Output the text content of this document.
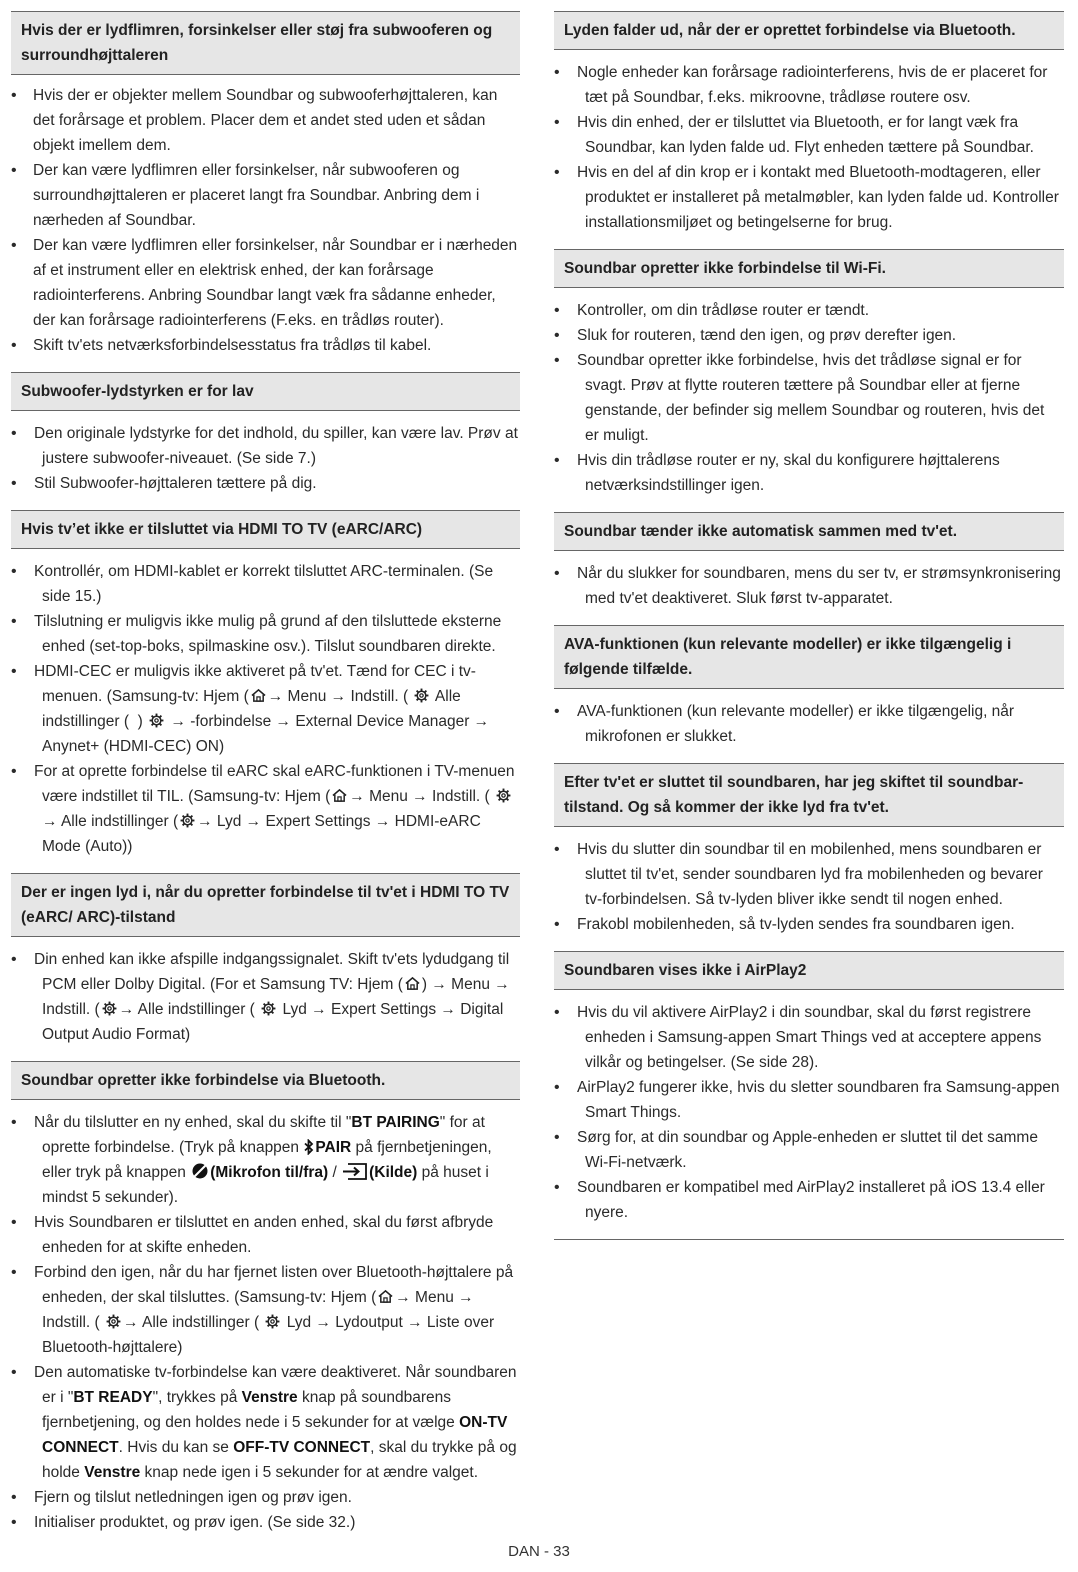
Hvis der er lydflimren, forsinkelser eller støj fra subwooferen og surroundhøjttaleren
• Hvis der er objekter mellem Soundbar og subwooferhøjttaleren, kan det forårsage et problem. Placer dem et andet sted uden et sådan objekt imellem dem.
• Der kan være lydflimren eller forsinkelser, når subwooferen og surroundhøjttaleren er placeret langt fra Soundbar. Anbring dem i nærheden af Soundbar.
• Der kan være lydflimren eller forsinkelser, når Soundbar er i nærheden af et instrument eller en elektrisk enhed, der kan forårsage radiointerferens. Anbring Soundbar langt væk fra sådanne enheder, der kan forårsage radiointerferens (F.eks. en trådløs router).
• Skift tv'ets netværksforbindelsesstatus fra trådløs til kabel.
Subwoofer-lydstyrken er for lav
• Den originale lydstyrke for det indhold, du spiller, kan være lav. Prøv at justere subwoofer-niveauet. (Se side 7.)
• Stil Subwoofer-højttaleren tættere på dig.
Hvis tv’et ikke er tilsluttet via HDMI TO TV (eARC/ARC)
• Kontrollér, om HDMI-kablet er korrekt tilsluttet ARC-terminalen. (Se side 15.)
• Tilslutning er muligvis ikke mulig på grund af den tilsluttede eksterne enhed (set-top-boks, spilmaskine osv.). Tilslut soundbaren direkte.
• HDMI-CEC er muligvis ikke aktiveret på tv'et. Tænd for CEC i tv-menuen. (Samsung-tv: Hjem ( → Menu → Indstill. ( Alle indstillinger ( ) → -forbindelse → External Device Manager → Anynet+ (HDMI-CEC) ON)
• For at oprette forbindelse til eARC skal eARC-funktionen i TV-menuen være indstillet til TIL. (Samsung-tv: Hjem ( → Menu → Indstill. (  → Alle indstillinger ( → Lyd → Expert Settings → HDMI-eARC Mode (Auto))
Der er ingen lyd i, når du opretter forbindelse til tv'et i HDMI TO TV (eARC/ ARC)-tilstand
• Din enhed kan ikke afspille indgangssignalet. Skift tv'ets lydudgang til PCM eller Dolby Digital. (For et Samsung TV: Hjem ( ) → Menu → Indstill. ( → Alle indstillinger ( Lyd → Expert Settings → Digital Output Audio Format)
Soundbar opretter ikke forbindelse via Bluetooth.
• Når du tilslutter en ny enhed, skal du skifte til "BT PAIRING" for at oprette forbindelse. (Tryk på knappen PAIR på fjernbetjeningen, eller tryk på knappen (Mikrofon til/fra) / (Kilde) på huset i mindst 5 sekunder).
• Hvis Soundbaren er tilsluttet en anden enhed, skal du først afbryde enheden for at skifte enheden.
• Forbind den igen, når du har fjernet listen over Bluetooth-højttalere på enheden, der skal tilsluttes. (Samsung-tv: Hjem ( → Menu → Indstill. ( → Alle indstillinger ( Lyd → Lydoutput → Liste over Bluetooth-højttalere)
• Den automatiske tv-forbindelse kan være deaktiveret. Når soundbaren er i "BT READY", trykkes på Venstre knap på soundbarens fjernbetjening, og den holdes nede i 5 sekunder for at vælge ON-TV CONNECT. Hvis du kan se OFF-TV CONNECT, skal du trykke på og holde Venstre knap nede igen i 5 sekunder for at ændre valget.
• Fjern og tilslut netledningen igen og prøv igen.
• Initialiser produktet, og prøv igen. (Se side 32.)
Lyden falder ud, når der er oprettet forbindelse via Bluetooth.
• Nogle enheder kan forårsage radiointerferens, hvis de er placeret for tæt på Soundbar, f.eks. mikroovne, trådløse routere osv.
• Hvis din enhed, der er tilsluttet via Bluetooth, er for langt væk fra Soundbar, kan lyden falde ud. Flyt enheden tættere på Soundbar.
• Hvis en del af din krop er i kontakt med Bluetooth-modtageren, eller produktet er installeret på metalmøbler, kan lyden falde ud. Kontroller installationsmiljøet og betingelserne for brug.
Soundbar opretter ikke forbindelse til Wi-Fi.
• Kontroller, om din trådløse router er tændt.
• Sluk for routeren, tænd den igen, og prøv derefter igen.
• Soundbar opretter ikke forbindelse, hvis det trådløse signal er for svagt. Prøv at flytte routeren tættere på Soundbar eller at fjerne genstande, der befinder sig mellem Soundbar og routeren, hvis det er muligt.
• Hvis din trådløse router er ny, skal du konfigurere højttalerens netværksindstillinger igen.
Soundbar tænder ikke automatisk sammen med tv'et.
• Når du slukker for soundbaren, mens du ser tv, er strømsynkronisering med tv'et deaktiveret. Sluk først tv-apparatet.
AVA-funktionen (kun relevante modeller) er ikke tilgængelig i følgende tilfælde.
• AVA-funktionen (kun relevante modeller) er ikke tilgængelig, når mikrofonen er slukket.
Efter tv'et er sluttet til soundbaren, har jeg skiftet til soundbar-tilstand. Og så kommer der ikke lyd fra tv'et.
• Hvis du slutter din soundbar til en mobilenhed, mens soundbaren er sluttet til tv'et, sender soundbaren lyd fra mobilenheden og bevarer tv-forbindelsen. Så tv-lyden bliver ikke sendt til nogen enhed.
• Frakobl mobilenheden, så tv-lyden sendes fra soundbaren igen.
Soundbaren vises ikke i AirPlay2
• Hvis du vil aktivere AirPlay2 i din soundbar, skal du først registrere enheden i Samsung-appen Smart Things ved at acceptere appens vilkår og betingelser. (Se side 28).
• AirPlay2 fungerer ikke, hvis du sletter soundbaren fra Samsung-appen Smart Things.
• Sørg for, at din soundbar og Apple-enheden er sluttet til det samme Wi-Fi-netværk.
• Soundbaren er kompatibel med AirPlay2 installeret på iOS 13.4 eller nyere.
DAN - 33
